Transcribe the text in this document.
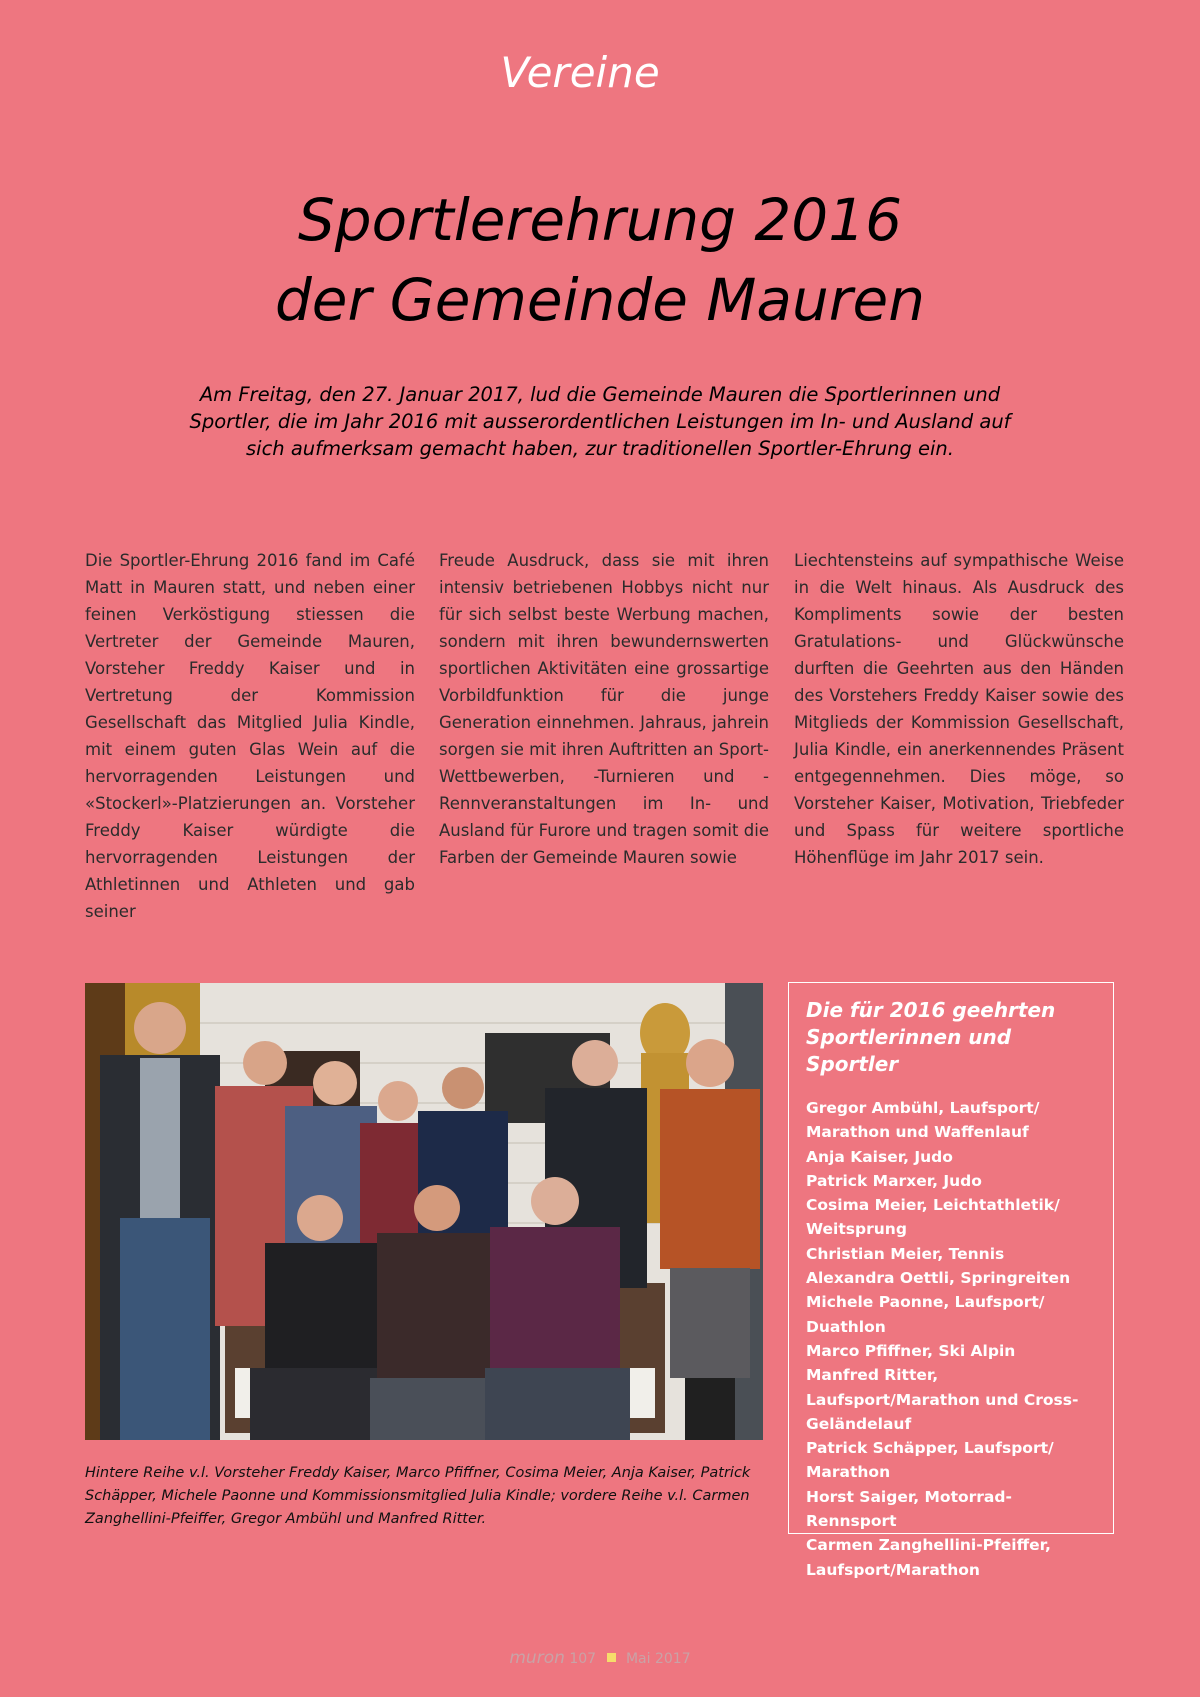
Vereine
Sportlerehrung 2016
der Gemeinde Mauren

Am Freitag, den 27. Januar 2017, lud die Gemeinde Mauren die Sportlerinnen und Sportler, die im Jahr 2016 mit ausserordentlichen Leistungen im In- und Ausland auf sich aufmerksam gemacht haben, zur traditionellen Sportler-Ehrung ein.

Die Sportler-Ehrung 2016 fand im Café Matt in Mauren statt, und neben einer feinen Verköstigung stiessen die Vertreter der Gemeinde Mauren, Vorsteher Freddy Kaiser und in Vertretung der Kommission Gesellschaft das Mitglied Julia Kindle, mit einem guten Glas Wein auf die hervorragenden Leistungen und «Stockerl»-Platzierungen an. Vorsteher Freddy Kaiser würdigte die hervorragenden Leistungen der Athletinnen und Athleten und gab seiner

Freude Ausdruck, dass sie mit ihren intensiv betriebenen Hobbys nicht nur für sich selbst beste Werbung machen, sondern mit ihren bewundernswerten sportlichen Aktivitäten eine grossartige Vorbildfunktion für die junge Generation einnehmen. Jahraus, jahrein sorgen sie mit ihren Auftritten an Sport-Wettbewerben, -Turnieren und -Rennveranstaltungen im In- und Ausland für Furore und tragen somit die Farben der Gemeinde Mauren sowie

Liechtensteins auf sympathische Weise in die Welt hinaus. Als Ausdruck des Kompliments sowie der besten Gratulations- und Glückwünsche durften die Geehrten aus den Händen des Vorstehers Freddy Kaiser sowie des Mitglieds der Kommission Gesellschaft, Julia Kindle, ein anerkennendes Präsent entgegennehmen. Dies möge, so Vorsteher Kaiser, Motivation, Triebfeder und Spass für weitere sportliche Höhenflüge im Jahr 2017 sein.

Hintere Reihe v.l. Vorsteher Freddy Kaiser, Marco Pfiffner, Cosima Meier, Anja Kaiser, Patrick Schäpper, Michele Paonne und Kommissionsmitglied Julia Kindle; vordere Reihe v.l. Carmen Zanghellini-Pfeiffer, Gregor Ambühl und Manfred Ritter.

Die für 2016 geehrten Sportlerinnen und Sportler
Gregor Ambühl, Laufsport/ Marathon und Waffenlauf
Anja Kaiser, Judo
Patrick Marxer, Judo
Cosima Meier, Leichtathletik/ Weitsprung
Christian Meier, Tennis
Alexandra Oettli, Springreiten
Michele Paonne, Laufsport/ Duathlon
Marco Pfiffner, Ski Alpin
Manfred Ritter, Laufsport/Marathon und Cross-Geländelauf
Patrick Schäpper, Laufsport/ Marathon
Horst Saiger, Motorrad-Rennsport
Carmen Zanghellini-Pfeiffer, Laufsport/Marathon
muron 107 Mai 2017
